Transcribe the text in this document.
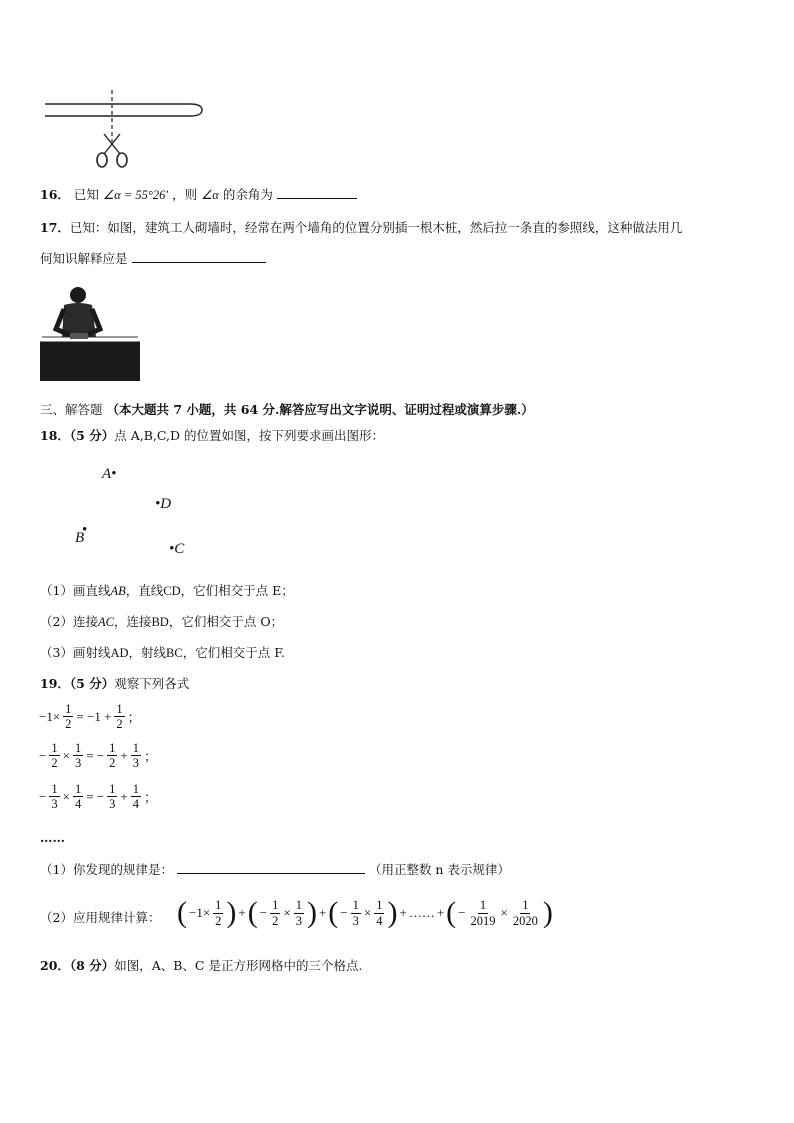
16． 已知 ∠α = 55°26′ ，则 ∠α 的余角为
17．已知：如图，建筑工人砌墙时，经常在两个墙角的位置分别插一根木桩，然后拉一条直的参照线，这种做法用几
何知识解释应是
三、解答题 （本大题共 7 小题，共 64 分.解答应写出文字说明、证明过程或演算步骤.）
18．（5 分）点 A,B,C,D 的位置如图，按下列要求画出图形：
A•
•D
•
B
•C
（1）画直线AB，直线CD，它们相交于点 E；
（2）连接AC，连接BD，它们相交于点 O；
（3）画射线AD，射线BC，它们相交于点 F.
19．（5 分）观察下列各式
$-1\times \frac{1}{2} = -1 + \frac{1}{2}$ ；
− $\frac{1}{2} \times \frac{1}{3}$ = − $\frac{1}{2} + \frac{1}{3}$ ；
− $\frac{1}{3} \times \frac{1}{4}$ = − $\frac{1}{3} + \frac{1}{4}$ ；
……
（1）你发现的规律是：	（用正整数 n 表示规律）
（2）应用规律计算： ( $-1\times \frac{1}{2}$ ) + ( − $\frac{1}{2} \times \frac{1}{3}$ ) + ( − $\frac{1}{3} \times \frac{1}{4}$ ) + …… + ( − $\frac{1}{2019} \times \frac{1}{2020}$ )
20．（8 分）如图，A、B、C 是正方形网格中的三个格点.
